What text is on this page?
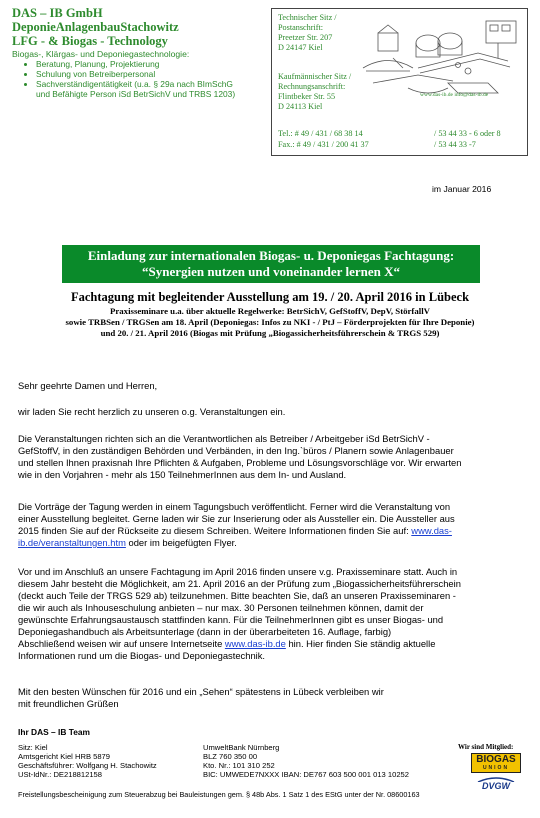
DAS – IB GmbH
DeponieAnlagenbauStachowitz
LFG - & Biogas - Technology
Biogas-, Klärgas- und Deponiegastechnologie:
• Beratung, Planung, Projektierung
• Schulung von Betreiberpersonal
• Sachverständigentätigkeit (u.a. § 29a nach BImSchG
und Befähigte Person iSd BetrSichV und TRBS 1203)
Technischer Sitz /
Postanschrift:
Preetzer Str. 207
D 24147 Kiel
Kaufmännischer Sitz /
Rechnungsanschrift:
Flintbeker Str. 55
D 24113 Kiel
www.das-ib.de info@das-ib.de
Tel.: # 49 / 431 / 68 38 14	/ 53 44 33 - 6 oder 8
Fax.: # 49 / 431 / 200 41 37	/ 53 44 33 -7
im Januar 2016
Einladung zur internationalen Biogas- u. Deponiegas Fachtagung:
“Synergien nutzen und voneinander lernen X“
Fachtagung mit begleitender Ausstellung am 19. / 20. April 2016 in Lübeck
Praxisseminare u.a. über aktuelle Regelwerke: BetrSichV, GefStoffV, DepV, StörfallV
sowie TRBSen / TRGSen am 18. April (Deponiegas: Infos zu NKI - / PtJ – Förderprojekten für Ihre Deponie)
und 20. / 21. April 2016 (Biogas mit Prüfung „Biogassicherheitsführerschein & TRGS 529)
Sehr geehrte Damen und Herren,
wir laden Sie recht herzlich zu unseren o.g. Veranstaltungen ein.
Die Veranstaltungen richten sich an die Verantwortlichen als Betreiber / Arbeitgeber iSd BetrSichV -
GefStoffV, in den zuständigen Behörden und Verbänden, in den Ing.`büros / Planern sowie Anlagenbauer
und stellen Ihnen praxisnah Ihre Pflichten & Aufgaben, Probleme und Lösungsvorschläge vor. Wir erwarten
wie in den Vorjahren - mehr als 150 TeilnehmerInnen aus dem In- und Ausland.
Die Vorträge der Tagung werden in einem Tagungsbuch veröffentlicht. Ferner wird die Veranstaltung von
einer Ausstellung begleitet. Gerne laden wir Sie zur Inserierung oder als Aussteller ein. Die Aussteller aus
2015 finden Sie auf der Rückseite zu diesem Schreiben. Weitere Informationen finden Sie auf: www.das-
ib.de/veranstaltungen.htm oder im beigefügten Flyer.
Vor und im Anschluß an unsere Fachtagung im April 2016 finden unsere v.g. Praxisseminare statt. Auch in
diesem Jahr besteht die Möglichkeit, am 21. April 2016 an der Prüfung zum „Biogassicherheitsführerschein
(deckt auch Teile der TRGS 529 ab) teilzunehmen. Bitte beachten Sie, daß an unseren Praxisseminaren -
die wir auch als Inhouseschulung anbieten – nur max. 30 Personen teilnehmen können, damit der
gewünschte Erfahrungsaustausch stattfinden kann. Für die TeilnehmerInnen gibt es unser Biogas- und
Deponiegashandbuch als Arbeitsunterlage (dann in der überarbeiteten 16. Auflage, farbig)
Abschließend weisen wir auf unsere Internetseite www.das-ib.de hin. Hier finden Sie ständig aktuelle
Informationen rund um die Biogas- und Deponiegastechnik.
Mit den besten Wünschen für 2016 und ein „Sehen“ spätestens in Lübeck verbleiben wir
mit freundlichen Grüßen
Ihr DAS – IB Team
Sitz: Kiel
Amtsgericht Kiel HRB 5879
Geschäftsführer: Wolfgang H. Stachowitz
USt-IdNr.: DE218812158
UmweltBank Nürnberg
BLZ 760 350 00
Kto. Nr.: 101 310 252
BIC: UMWEDE7NXXX IBAN: DE767 603 500 001 013 10252
Wir sind Mitglied:
BIOGAS
UNION
DVGW
Freistellungsbescheinigung zum Steuerabzug bei Bauleistungen gem. § 48b Abs. 1 Satz 1 des EStG unter der Nr. 08600163
